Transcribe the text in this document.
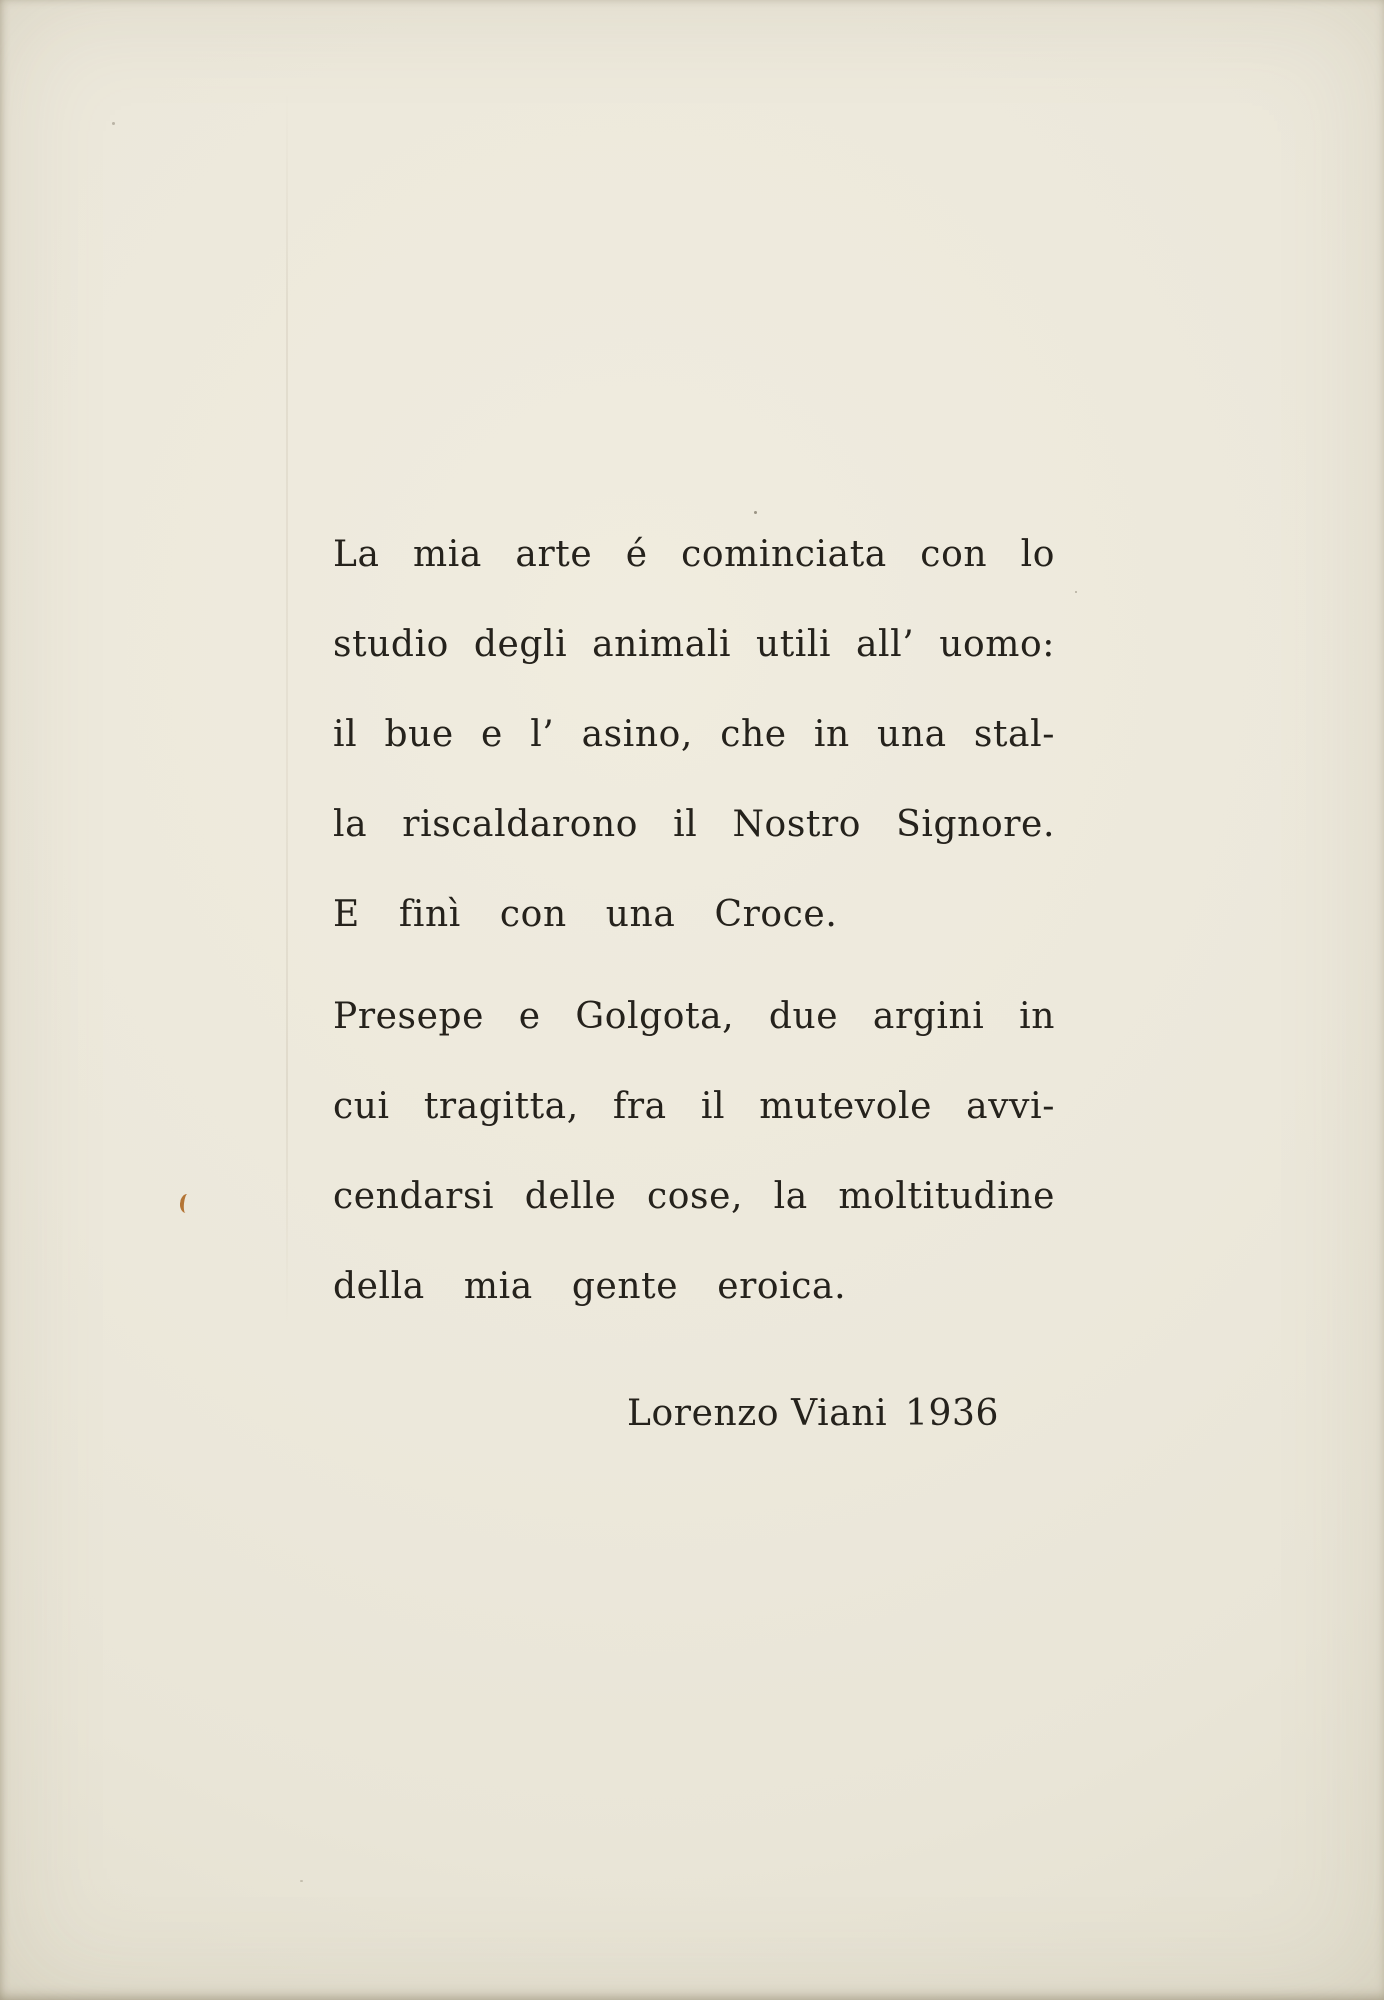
La mia arte é cominciata con lo
studio degli animali utili all’ uomo:
il bue e l’ asino, che in una stal-
la riscaldarono il Nostro Signore.
E finì con una Croce.
Presepe e Golgota, due argini in
cui tragitta, fra il mutevole avvi-
cendarsi delle cose, la moltitudine
della mia gente eroica.
Lorenzo Viani 1936
